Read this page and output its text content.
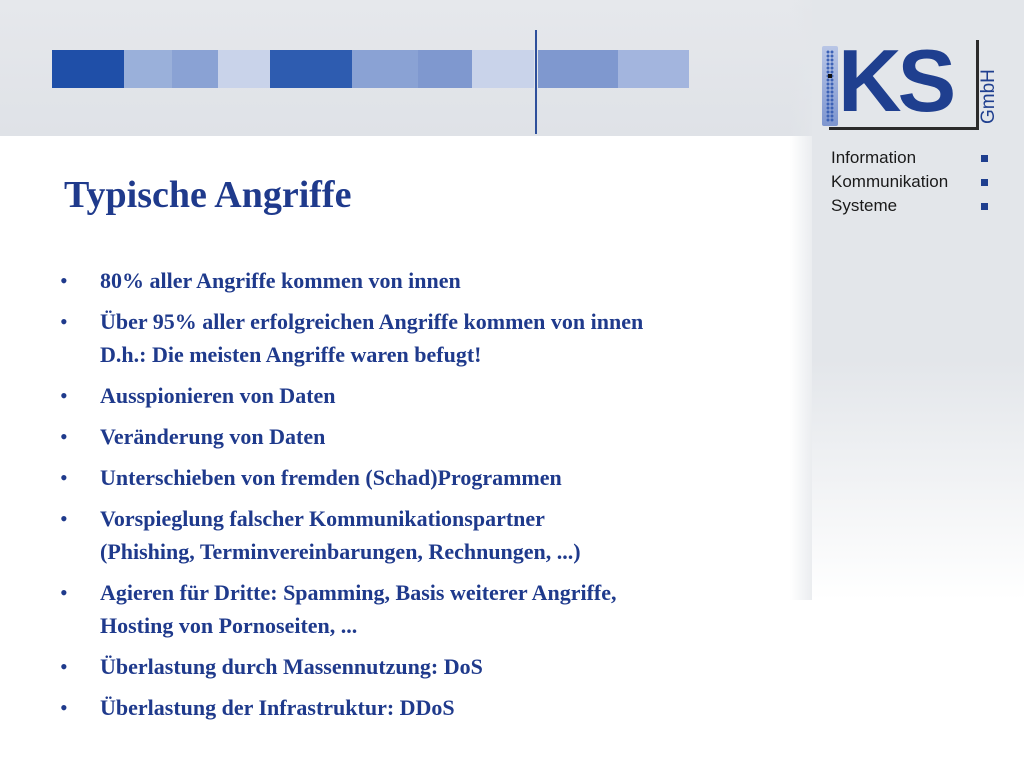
KS	GmbH
Information
Kommunikation
Systeme
Typische Angriffe
• 80% aller Angriffe kommen von innen
• Über 95% aller erfolgreichen Angriffe kommen von innen
D.h.: Die meisten Angriffe waren befugt!
• Ausspionieren von Daten
• Veränderung von Daten
• Unterschieben von fremden (Schad)Programmen
• Vorspieglung falscher Kommunikationspartner
(Phishing, Terminvereinbarungen, Rechnungen, ...)
• Agieren für Dritte: Spamming, Basis weiterer Angriffe,
Hosting von Pornoseiten, ...
• Überlastung durch Massennutzung: DoS
• Überlastung der Infrastruktur: DDoS
